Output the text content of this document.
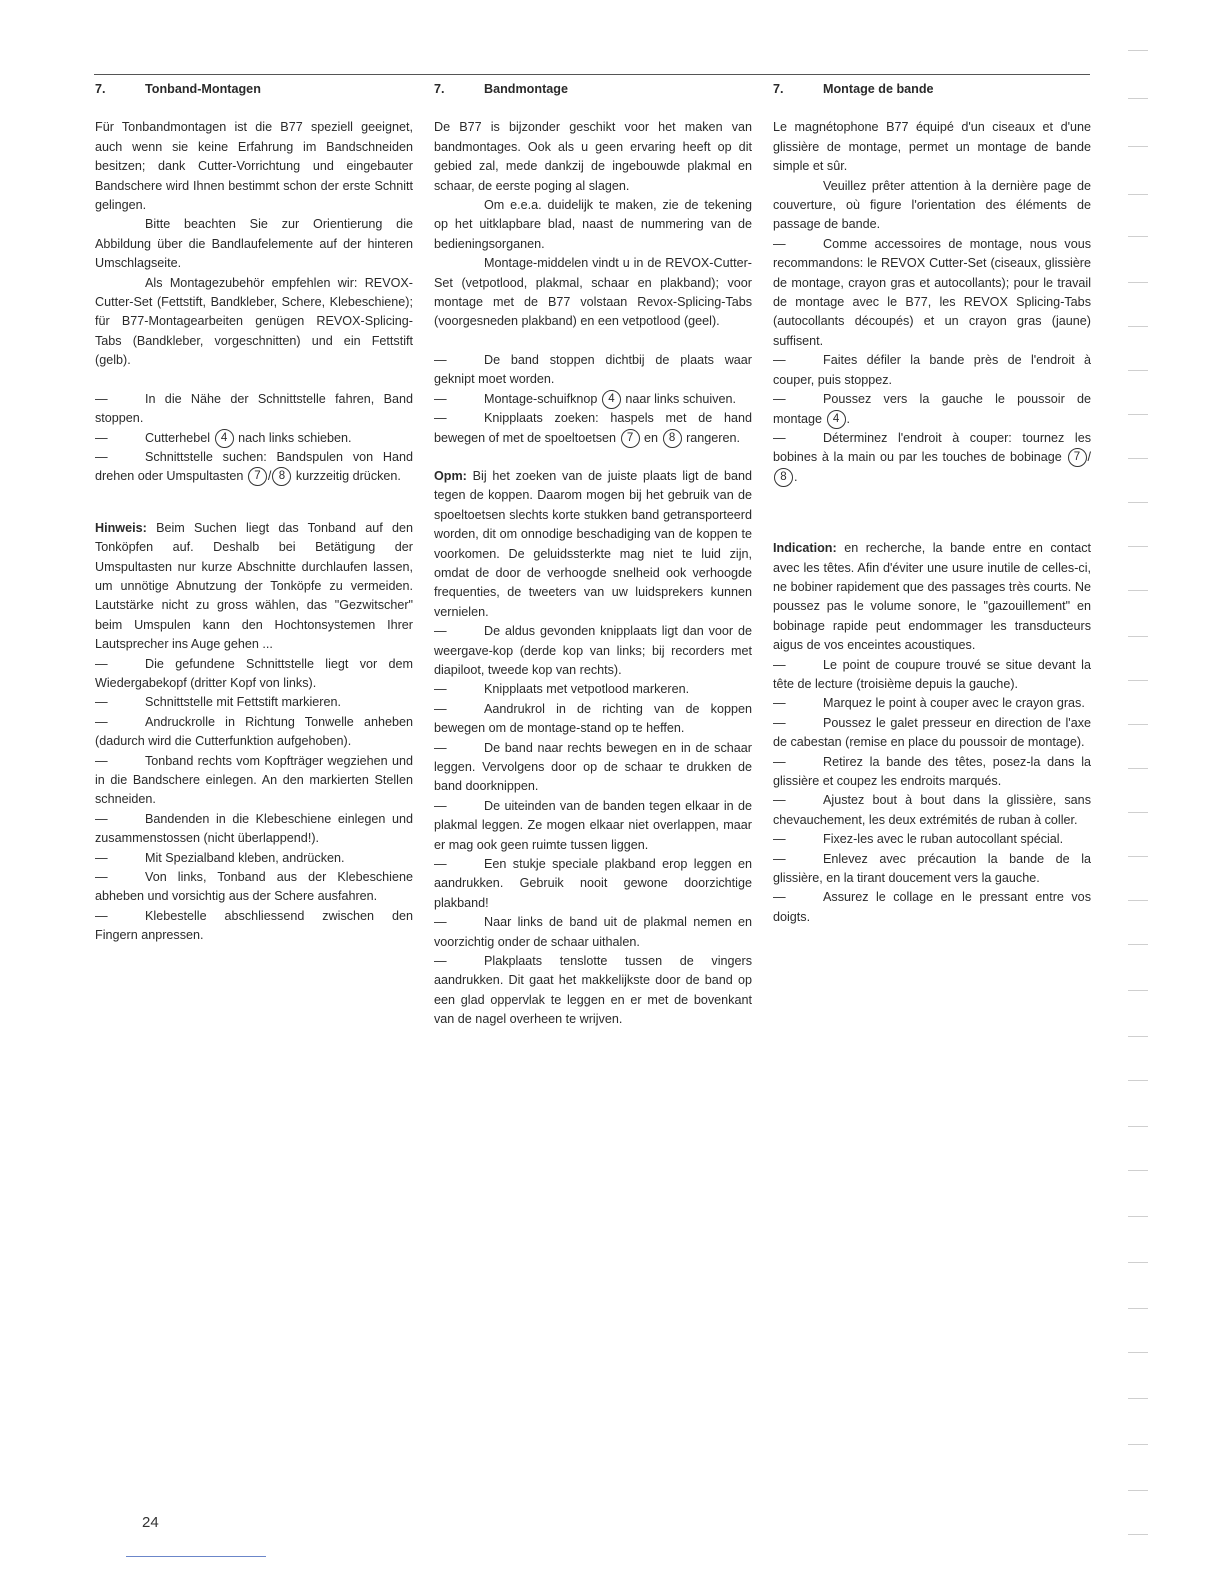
7.	Tonband-Montagen

Für Tonbandmontagen ist die B77 speziell geeignet, auch wenn sie keine Erfahrung im Bandschneiden besitzen; dank Cutter-Vorrichtung und eingebauter Bandschere wird Ihnen bestimmt schon der erste Schnitt gelingen.

Bitte beachten Sie zur Orientierung die Abbildung über die Bandlaufelemente auf der hinteren Umschlagseite.

Als Montagezubehör empfehlen wir: REVOX-Cutter-Set (Fettstift, Bandkleber, Schere, Klebeschiene); für B77-Montagearbeiten genügen REVOX-Splicing-Tabs (Bandkleber, vorgeschnitten) und ein Fettstift (gelb).

—	In die Nähe der Schnittstelle fahren, Band stoppen.

—	Cutterhebel 4 nach links schieben.

—	Schnittstelle suchen: Bandspulen von Hand drehen oder Umspultasten 7 / 8 kurzzeitig drücken.

Hinweis: Beim Suchen liegt das Tonband auf den Tonköpfen auf. Deshalb bei Betätigung der Umspultasten nur kurze Abschnitte durchlaufen lassen, um unnötige Abnutzung der Tonköpfe zu vermeiden. Lautstärke nicht zu gross wählen, das "Gezwitscher" beim Umspulen kann den Hochtonsystemen Ihrer Lautsprecher ins Auge gehen ...

—	Die gefundene Schnittstelle liegt vor dem Wiedergabekopf (dritter Kopf von links).

—	Schnittstelle mit Fettstift markieren.

—	Andruckrolle in Richtung Tonwelle anheben (dadurch wird die Cutterfunktion aufgehoben).

—	Tonband rechts vom Kopfträger wegziehen und in die Bandschere einlegen. An den markierten Stellen schneiden.

—	Bandenden in die Klebeschiene einlegen und zusammenstossen (nicht überlappend!).

—	Mit Spezialband kleben, andrücken.

—	Von links, Tonband aus der Klebeschiene abheben und vorsichtig aus der Schere ausfahren.

—	Klebestelle abschliessend zwischen den Fingern anpressen.

7.	Bandmontage

De B77 is bijzonder geschikt voor het maken van bandmontages. Ook als u geen ervaring heeft op dit gebied zal, mede dankzij de ingebouwde plakmal en schaar, de eerste poging al slagen.

Om e.e.a. duidelijk te maken, zie de tekening op het uitklapbare blad, naast de nummering van de bedieningsorganen.

Montage-middelen vindt u in de REVOX-Cutter-Set (vetpotlood, plakmal, schaar en plakband); voor montage met de B77 volstaan Revox-Splicing-Tabs (voorgesneden plakband) en een vetpotlood (geel).

—	De band stoppen dichtbij de plaats waar geknipt moet worden.

—	Montage-schuifknop 4 naar links schuiven.

—	Knipplaats zoeken: haspels met de hand bewegen of met de spoeltoetsen 7 en 8 rangeren.

Opm: Bij het zoeken van de juiste plaats ligt de band tegen de koppen. Daarom mogen bij het gebruik van de spoeltoetsen slechts korte stukken band getransporteerd worden, dit om onnodige beschadiging van de koppen te voorkomen. De geluidssterkte mag niet te luid zijn, omdat de door de verhoogde snelheid ook verhoogde frequenties, de tweeters van uw luidsprekers kunnen vernielen.

—	De aldus gevonden knipplaats ligt dan voor de weergave-kop (derde kop van links; bij recorders met diapiloot, tweede kop van rechts).

—	Knipplaats met vetpotlood markeren.

—	Aandrukrol in de richting van de koppen bewegen om de montage-stand op te heffen.

—	De band naar rechts bewegen en in de schaar leggen. Vervolgens door op de schaar te drukken de band doorknippen.

—	De uiteinden van de banden tegen elkaar in de plakmal leggen. Ze mogen elkaar niet overlappen, maar er mag ook geen ruimte tussen liggen.

—	Een stukje speciale plakband erop leggen en aandrukken. Gebruik nooit gewone doorzichtige plakband!

—	Naar links de band uit de plakmal nemen en voorzichtig onder de schaar uithalen.

—	Plakplaats tenslotte tussen de vingers aandrukken. Dit gaat het makkelijkste door de band op een glad oppervlak te leggen en er met de bovenkant van de nagel overheen te wrijven.

7.	Montage de bande

Le magnétophone B77 équipé d'un ciseaux et d'une glissière de montage, permet un montage de bande simple et sûr.

Veuillez prêter attention à la dernière page de couverture, où figure l'orientation des éléments de passage de bande.

—	Comme accessoires de montage, nous vous recommandons: le REVOX Cutter-Set (ciseaux, glissière de montage, crayon gras et autocollants); pour le travail de montage avec le B77, les REVOX Splicing-Tabs (autocollants découpés) et un crayon gras (jaune) suffisent.

—	Faites défiler la bande près de l'endroit à couper, puis stoppez.

—	Poussez vers la gauche le poussoir de montage 4 .

—	Déterminez l'endroit à couper: tournez les bobines à la main ou par les touches de bobinage 7 /8 .

Indication: en recherche, la bande entre en contact avec les têtes. Afin d'éviter une usure inutile de celles-ci, ne bobiner rapidement que des passages très courts. Ne poussez pas le volume sonore, le "gazouillement" en bobinage rapide peut endommager les transducteurs aigus de vos enceintes acoustiques.

—	Le point de coupure trouvé se situe devant la tête de lecture (troisième depuis la gauche).

—	Marquez le point à couper avec le crayon gras.

—	Poussez le galet presseur en direction de l'axe de cabestan (remise en place du poussoir de montage).

—	Retirez la bande des têtes, posez-la dans la glissière et coupez les endroits marqués.

—	Ajustez bout à bout dans la glissière, sans chevauchement, les deux extrémités de ruban à coller.

—	Fixez-les avec le ruban autocollant spécial.

—	Enlevez avec précaution la bande de la glissière, en la tirant doucement vers la gauche.

—	Assurez le collage en le pressant entre vos doigts.

24
